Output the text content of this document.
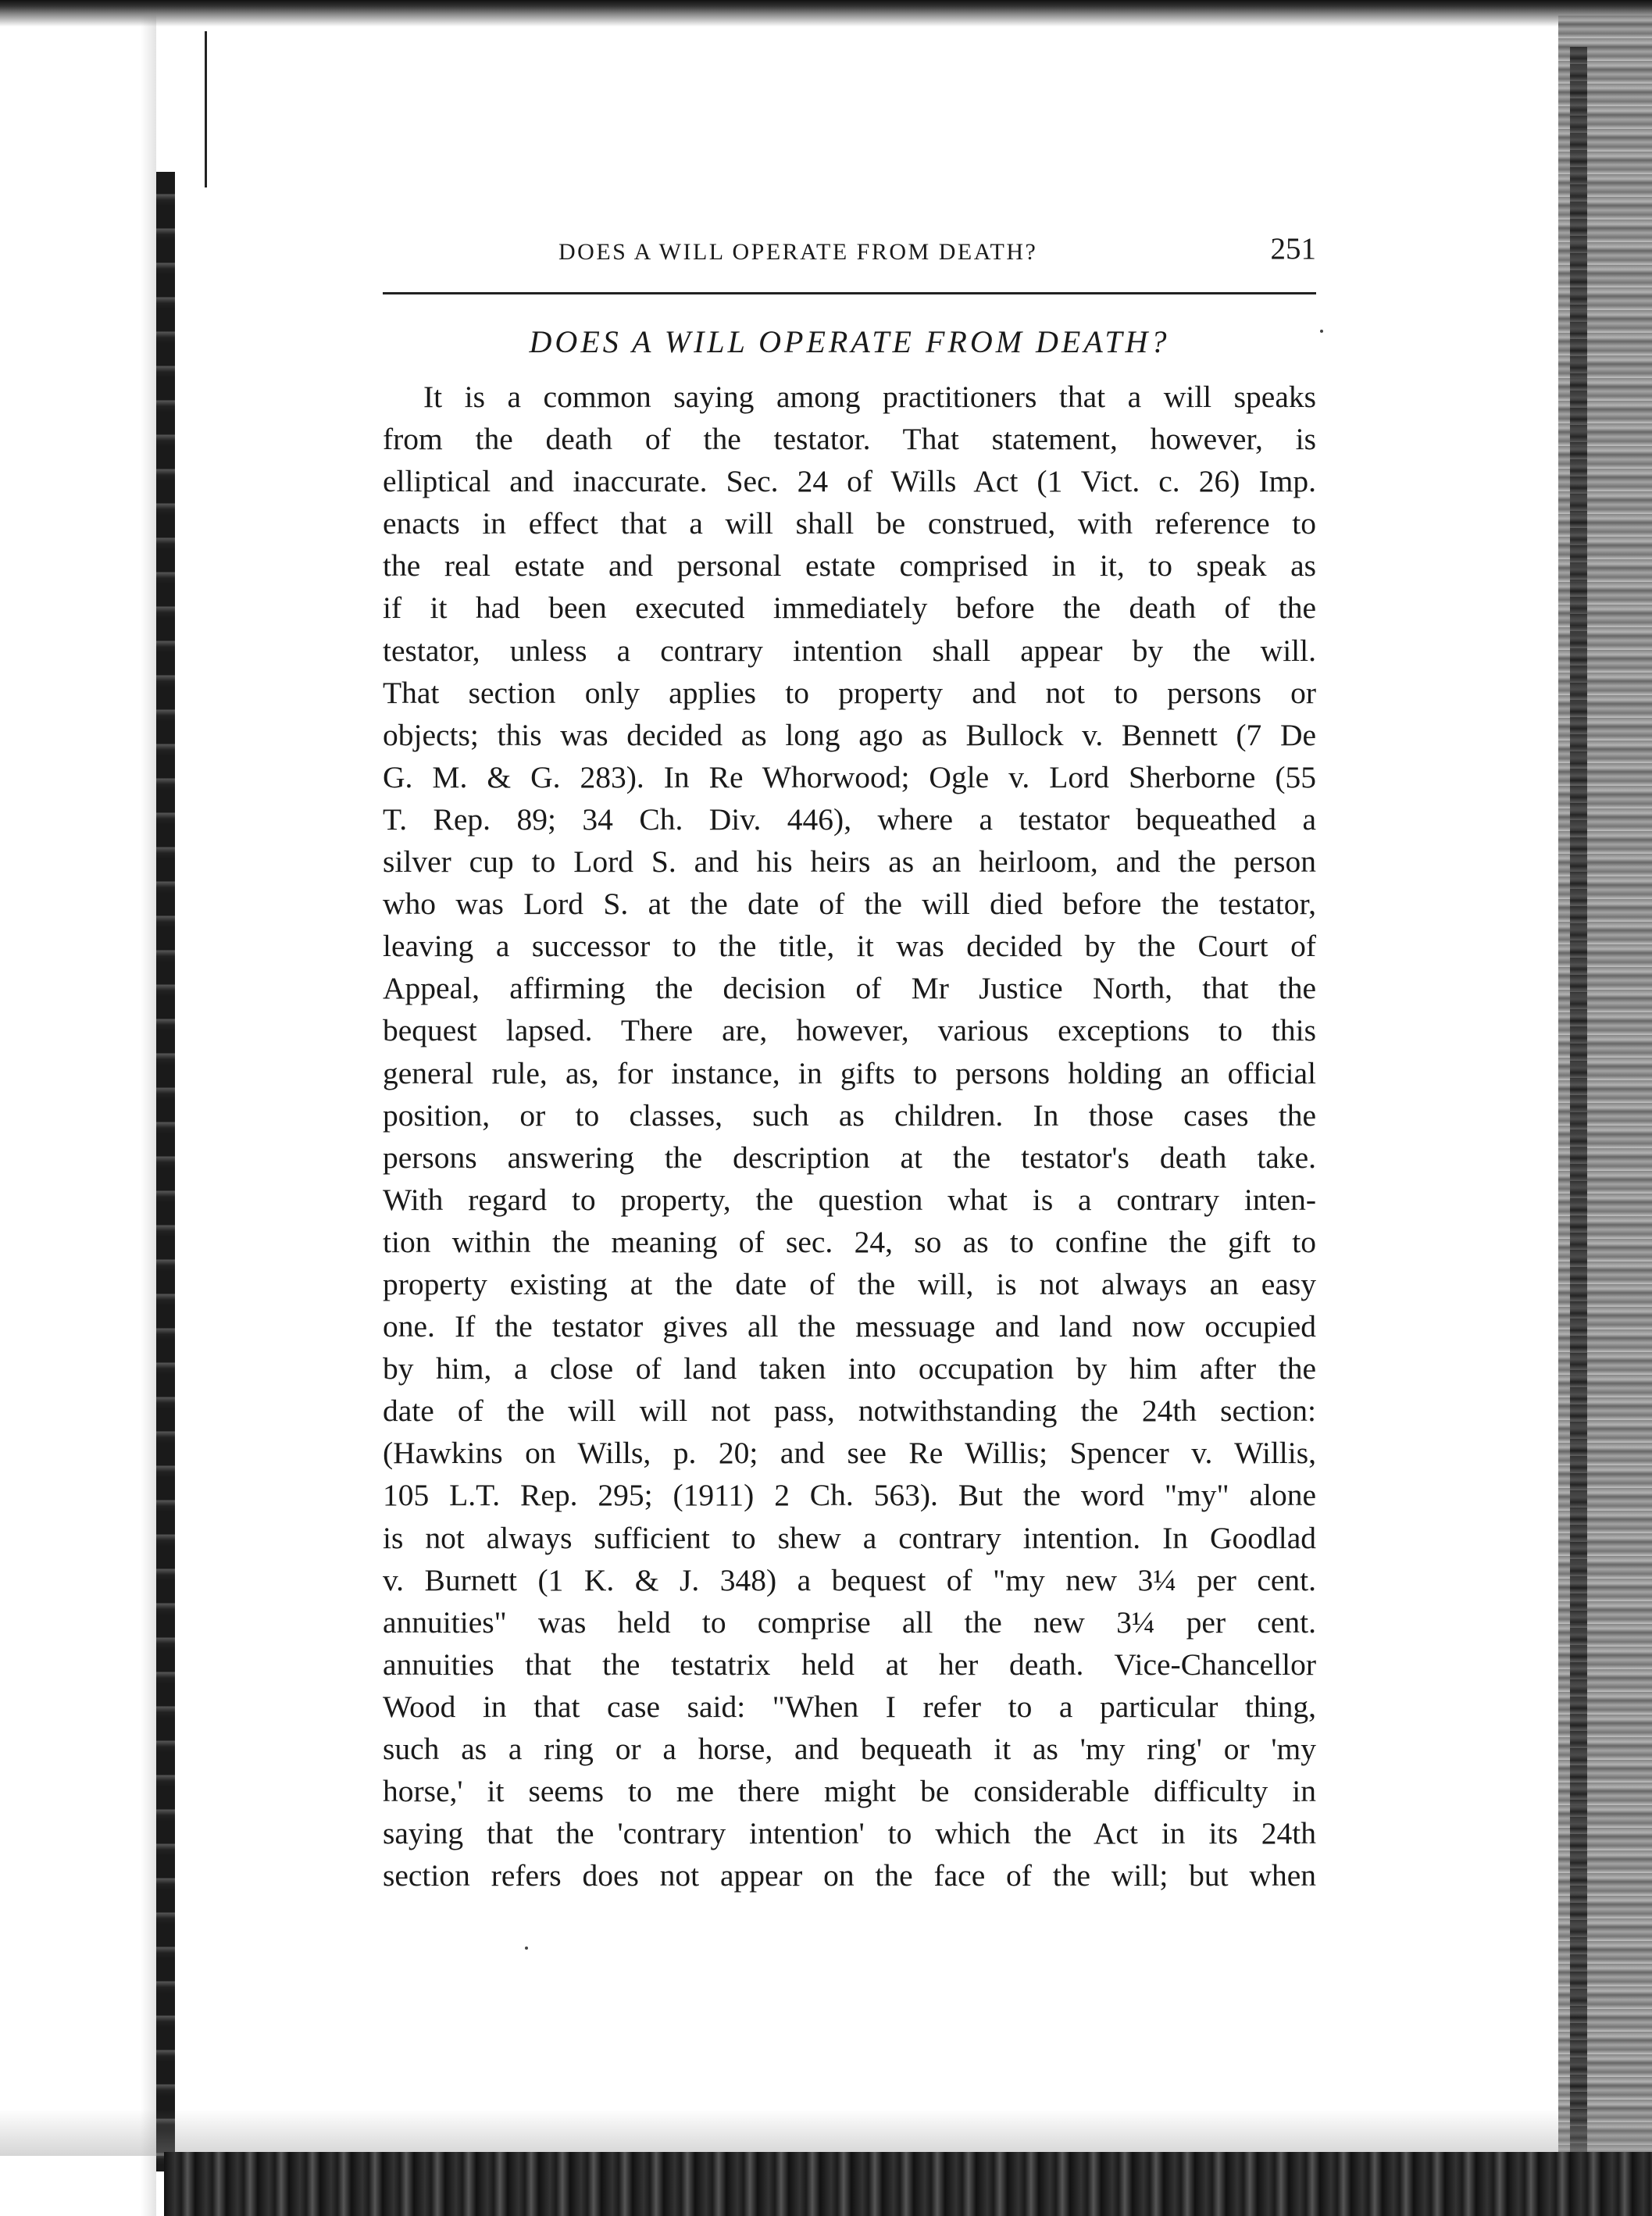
DOES A WILL OPERATE FROM DEATH?	251
DOES A WILL OPERATE FROM DEATH?
It is a common saying among practitioners that a will speaks
from the death of the testator. That statement, however, is
elliptical and inaccurate. Sec. 24 of Wills Act (1 Vict. c. 26) Imp.
enacts in effect that a will shall be construed, with reference to
the real estate and personal estate comprised in it, to speak as
if it had been executed immediately before the death of the
testator, unless a contrary intention shall appear by the will.
That section only applies to property and not to persons or
objects; this was decided as long ago as Bullock v. Bennett (7 De
G. M. & G. 283). In Re Whorwood; Ogle v. Lord Sherborne (55
T. Rep. 89; 34 Ch. Div. 446), where a testator bequeathed a
silver cup to Lord S. and his heirs as an heirloom, and the person
who was Lord S. at the date of the will died before the testator,
leaving a successor to the title, it was decided by the Court of
Appeal, affirming the decision of Mr Justice North, that the
bequest lapsed. There are, however, various exceptions to this
general rule, as, for instance, in gifts to persons holding an official
position, or to classes, such as children. In those cases the
persons answering the description at the testator's death take.
With regard to property, the question what is a contrary inten-
tion within the meaning of sec. 24, so as to confine the gift to
property existing at the date of the will, is not always an easy
one. If the testator gives all the messuage and land now occupied
by him, a close of land taken into occupation by him after the
date of the will will not pass, notwithstanding the 24th section:
(Hawkins on Wills, p. 20; and see Re Willis; Spencer v. Willis,
105 L.T. Rep. 295; (1911) 2 Ch. 563). But the word "my" alone
is not always sufficient to shew a contrary intention. In Goodlad
v. Burnett (1 K. & J. 348) a bequest of "my new 3¼ per cent.
annuities" was held to comprise all the new 3¼ per cent.
annuities that the testatrix held at her death. Vice-Chancellor
Wood in that case said: "When I refer to a particular thing,
such as a ring or a horse, and bequeath it as 'my ring' or 'my
horse,' it seems to me there might be considerable difficulty in
saying that the 'contrary intention' to which the Act in its 24th
section refers does not appear on the face of the will; but when
